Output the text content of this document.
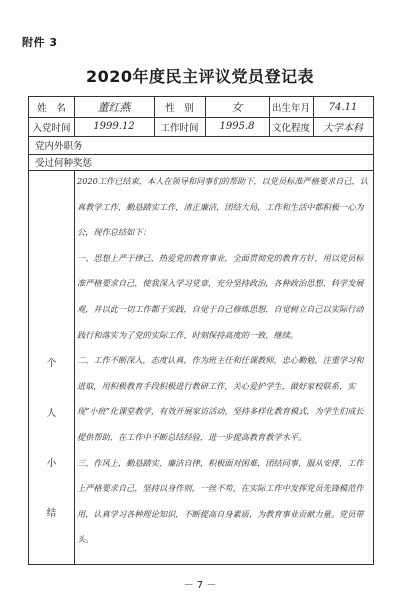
附件 3
2020年度民主评议党员登记表
姓　名	董红燕	性　别	女	出生年月	74.11
入党时间	1999.12	工作时间	1995.8	文化程度	大学本科
党内外职务
受过何种奖惩
个
人
小
结

2020工作已结束，本人在领导和同事们的帮助下，以党员标准严格要求自己，认真教学工作，勤恳踏实工作，清正廉洁，团结大局，工作和生活中都积极一心为公，现作总结如下：

一、思想上严于律己，热爱党的教育事业，全面贯彻党的教育方针，用以党员标准严格要求自己，使我深入学习党章，充分坚持政治，各种政治思想、科学发展观，并以此一切工作都于实践，自觉于自己修炼思想，自觉树立自己以实际行动践行和落实为了党的实际工作，时刻保持高度的一致，继续。

二、工作不断深入，态度认真，作为班主任和任课教师，忠心勤勉，注重学习和进取，用积极教育手段积极进行教研工作，关心爱护学生，做好家校联系，实现“小班”化课堂教学，有效开展家访活动，坚持多样化教育模式，为学生们成长提供帮助，在工作中不断总结经验，进一步提高教育教学水平。

三、作风上，勤恳踏实，廉洁自律，积极面对困难，团结同事，服从安排，工作上严格要求自己，坚持以身作则，一丝不苟，在实际工作中发挥党员先锋模范作用，认真学习各种理论知识，不断提高自身素质，为教育事业贡献力量。党员带头。

－ 7 －
